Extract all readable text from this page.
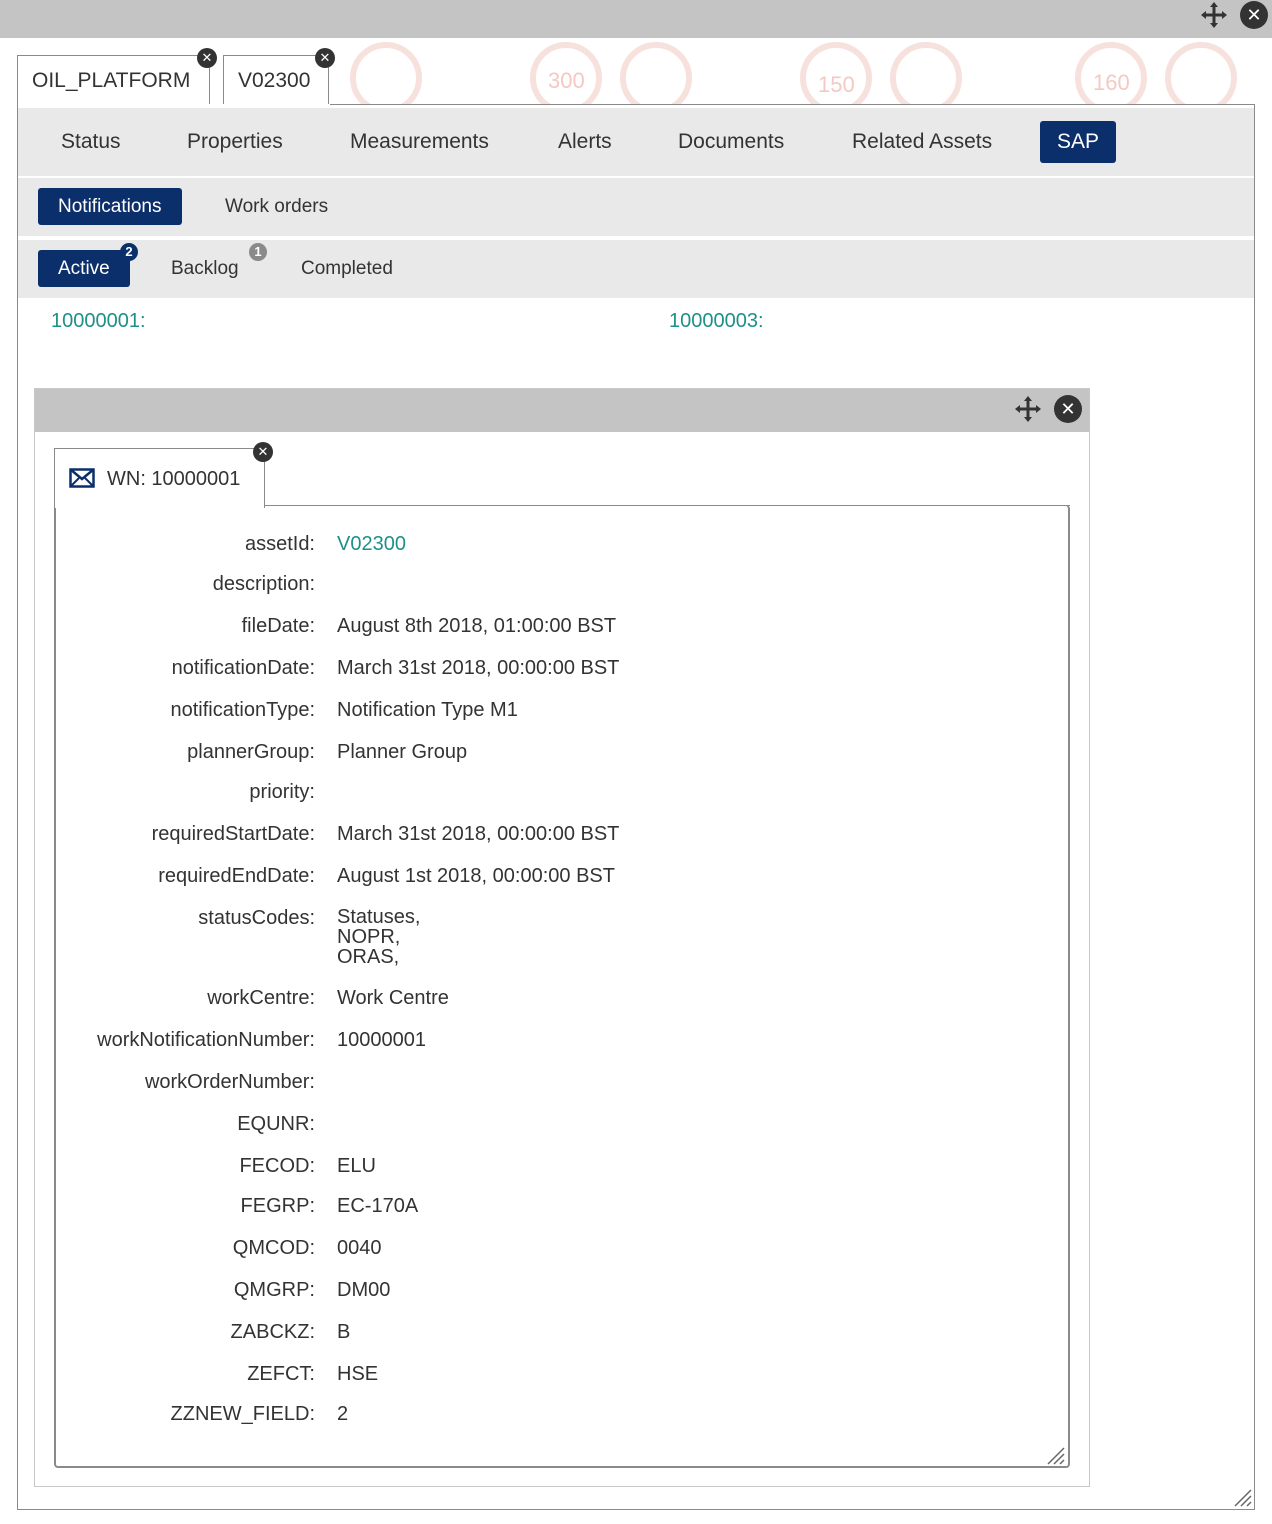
300	150	160
✕
OIL_PLATFORM
✕
V02300
✕
Status	Properties	Measurements	Alerts	Documents	Related Assets	SAP
Notifications	Work orders
Active
2
Backlog
1
Completed
10000001:	10000003:
✕
WN: 10000001
✕
assetId: V02300
description:
fileDate: August 8th 2018, 01:00:00 BST
notificationDate: March 31st 2018, 00:00:00 BST
notificationType: Notification Type M1
plannerGroup: Planner Group
priority:
requiredStartDate: March 31st 2018, 00:00:00 BST
requiredEndDate: August 1st 2018, 00:00:00 BST
statusCodes: Statuses,
NOPR,
ORAS,
workCentre: Work Centre
workNotificationNumber: 10000001
workOrderNumber:
EQUNR:
FECOD: ELU
FEGRP: EC-170A
QMCOD: 0040
QMGRP: DM00
ZABCKZ: B
ZEFCT: HSE
ZZNEW_FIELD: 2
